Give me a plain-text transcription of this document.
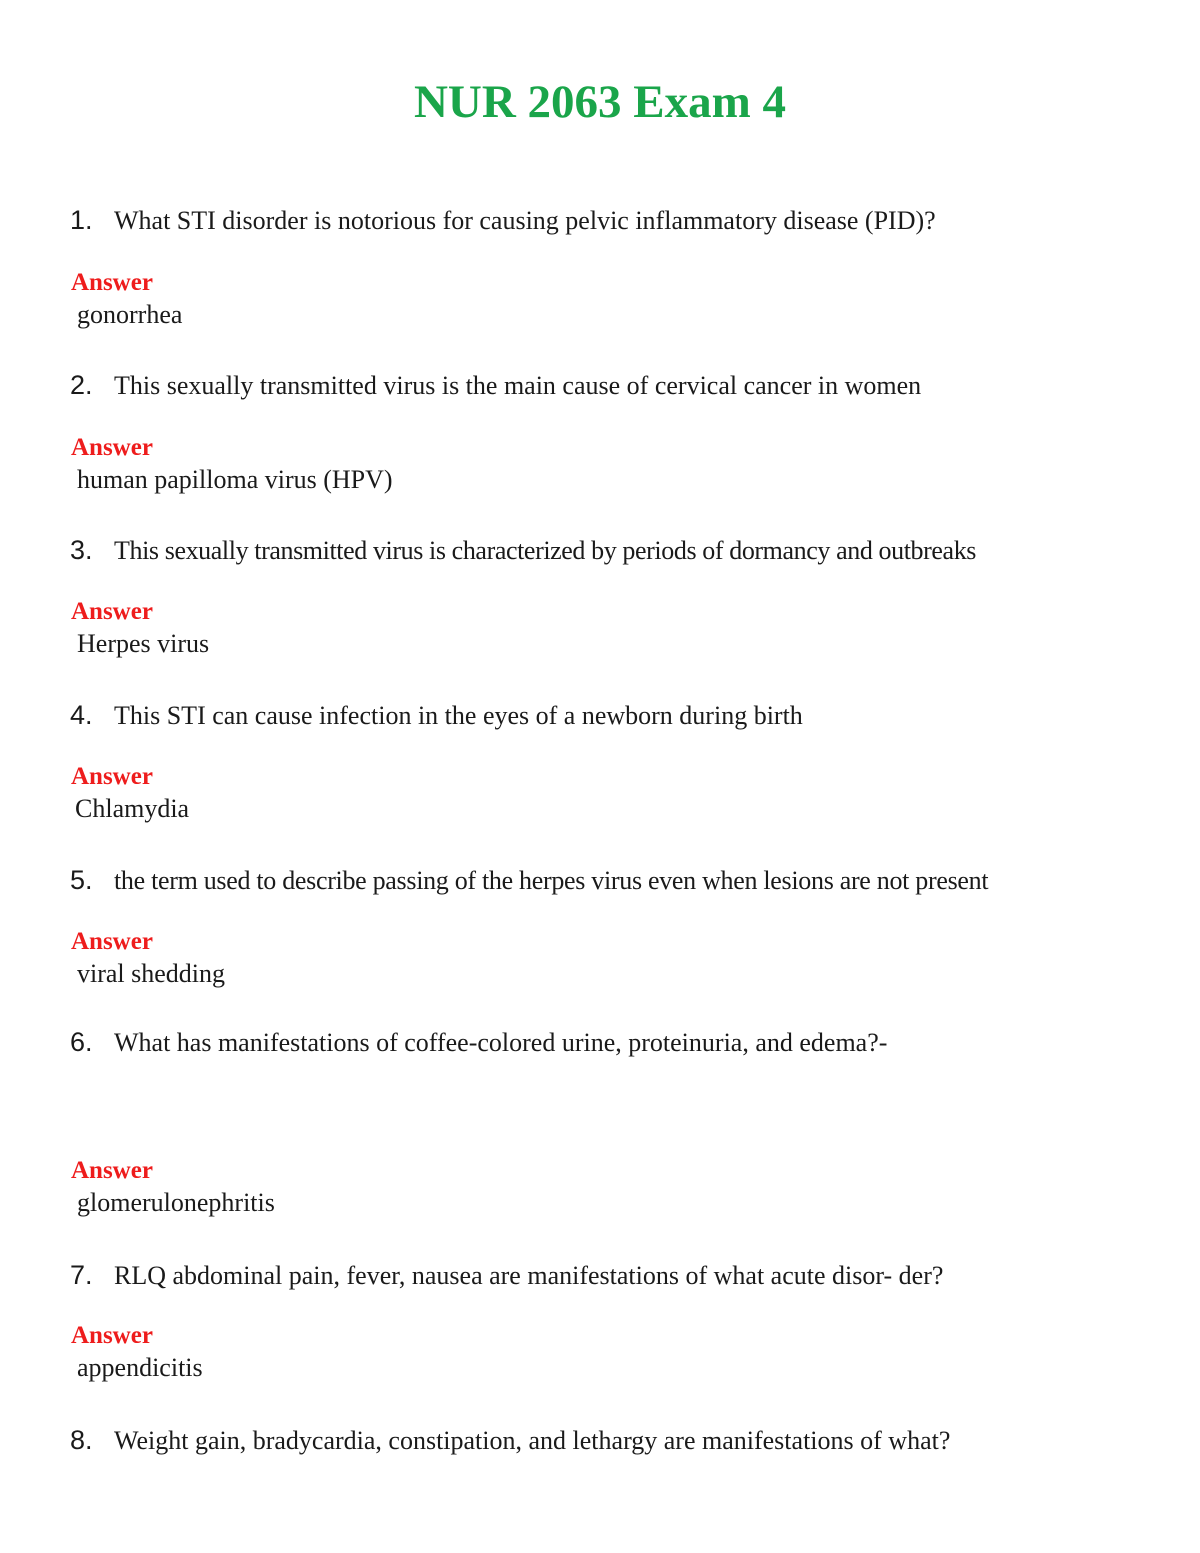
NUR 2063 Exam 4
1. What STI disorder is notorious for causing pelvic inflammatory disease (PID)?
Answer
gonorrhea
2. This sexually transmitted virus is the main cause of cervical cancer in women
Answer
human papilloma virus (HPV)
3. This sexually transmitted virus is characterized by periods of dormancy and outbreaks
Answer
Herpes virus
4. This STI can cause infection in the eyes of a newborn during birth
Answer
Chlamydia
5. the term used to describe passing of the herpes virus even when lesions are not present
Answer
viral shedding
6. What has manifestations of coffee-colored urine, proteinuria, and edema?-
Answer
glomerulonephritis
7. RLQ abdominal pain, fever, nausea are manifestations of what acute disor- der?
Answer
appendicitis
8. Weight gain, bradycardia, constipation, and lethargy are manifestations of what?
